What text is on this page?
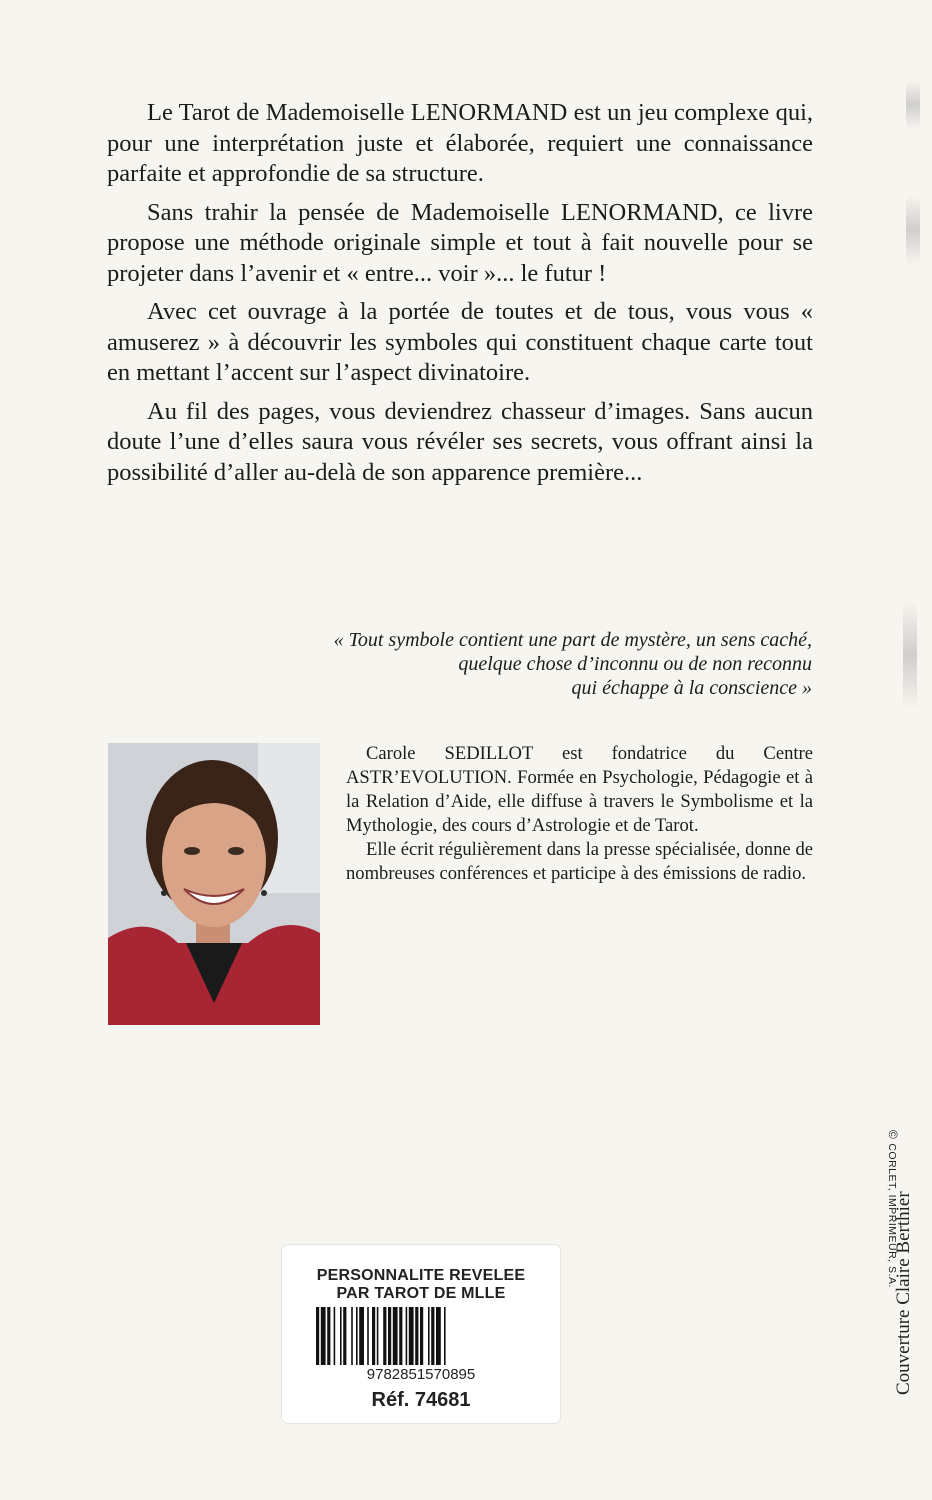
Le Tarot de Mademoiselle LENORMAND est un jeu complexe qui, pour une interprétation juste et élaborée, requiert une connaissance parfaite et approfondie de sa structure.

Sans trahir la pensée de Mademoiselle LENORMAND, ce livre propose une méthode originale simple et tout à fait nouvelle pour se projeter dans l’avenir et « entre... voir »... le futur !

Avec cet ouvrage à la portée de toutes et de tous, vous vous « amuserez » à découvrir les symboles qui constituent chaque carte tout en mettant l’accent sur l’aspect divinatoire.

Au fil des pages, vous deviendrez chasseur d’images. Sans aucun doute l’une d’elles saura vous révéler ses secrets, vous offrant ainsi la possibilité d’aller au-delà de son apparence première...

« Tout symbole contient une part de mystère, un sens caché,
quelque chose d’inconnu ou de non reconnu
qui échappe à la conscience »

Carole SEDILLOT est fondatrice du Centre ASTR’EVOLUTION. Formée en Psychologie, Pédagogie et à la Relation d’Aide, elle diffuse à travers le Symbolisme et la Mythologie, des cours d’Astrologie et de Tarot.

Elle écrit régulièrement dans la presse spécialisée, donne de nombreuses conférences et participe à des émissions de radio.

©CORLET, IMPRIMEUR, S.A.
Couverture Claire Berthier
PERSONNALITE REVELEE
PAR TAROT DE MLLE
9782851570895
Réf. 74681
